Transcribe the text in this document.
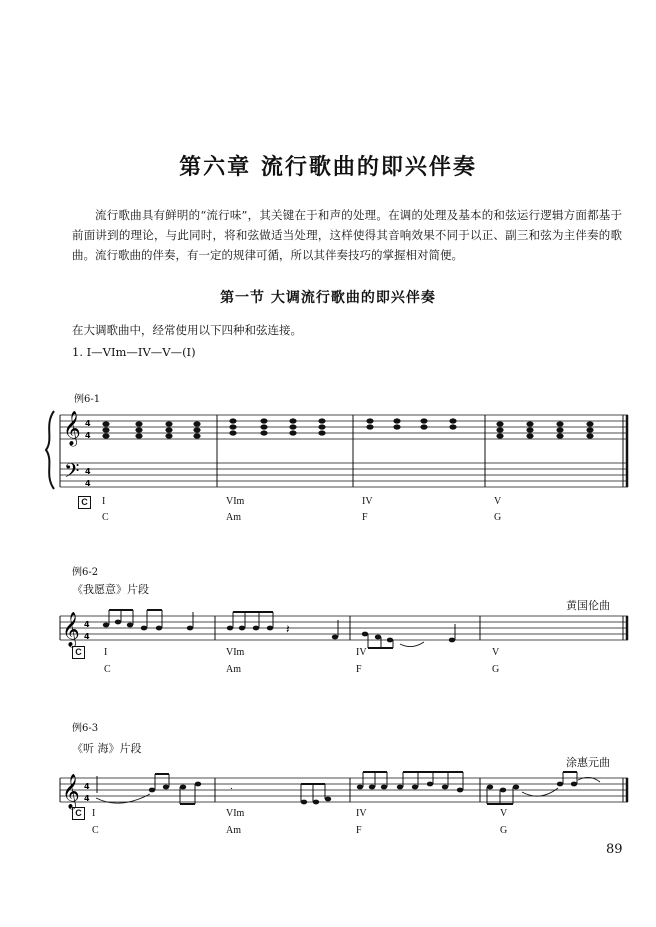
第六章 流行歌曲的即兴伴奏
流行歌曲具有鲜明的“流行味”，其关键在于和声的处理。在调的处理及基本的和弦运行逻辑方面都基于前面讲到的理论，与此同时，将和弦做适当处理，这样使得其音响效果不同于以正、副三和弦为主伴奏的歌曲。流行歌曲的伴奏，有一定的规律可循，所以其伴奏技巧的掌握相对简便。
第一节 大调流行歌曲的即兴伴奏
在大调歌曲中，经常使用以下四种和弦连接。
1. I—VIm—IV—V—(I)
例6-1
𝄞
𝄢
4
4
4
4
C	I	VIm	IV	V
C	Am	F	G
例6-2
《我愿意》片段
黄国伦曲
𝄞 4
4
𝄽
C	I	VIm	IV	V
C	Am	F	G
例6-3
《听 海》片段
涂惠元曲
𝄞 4
4
.
C	I	VIm	IV	V
C	Am	F	G
89
